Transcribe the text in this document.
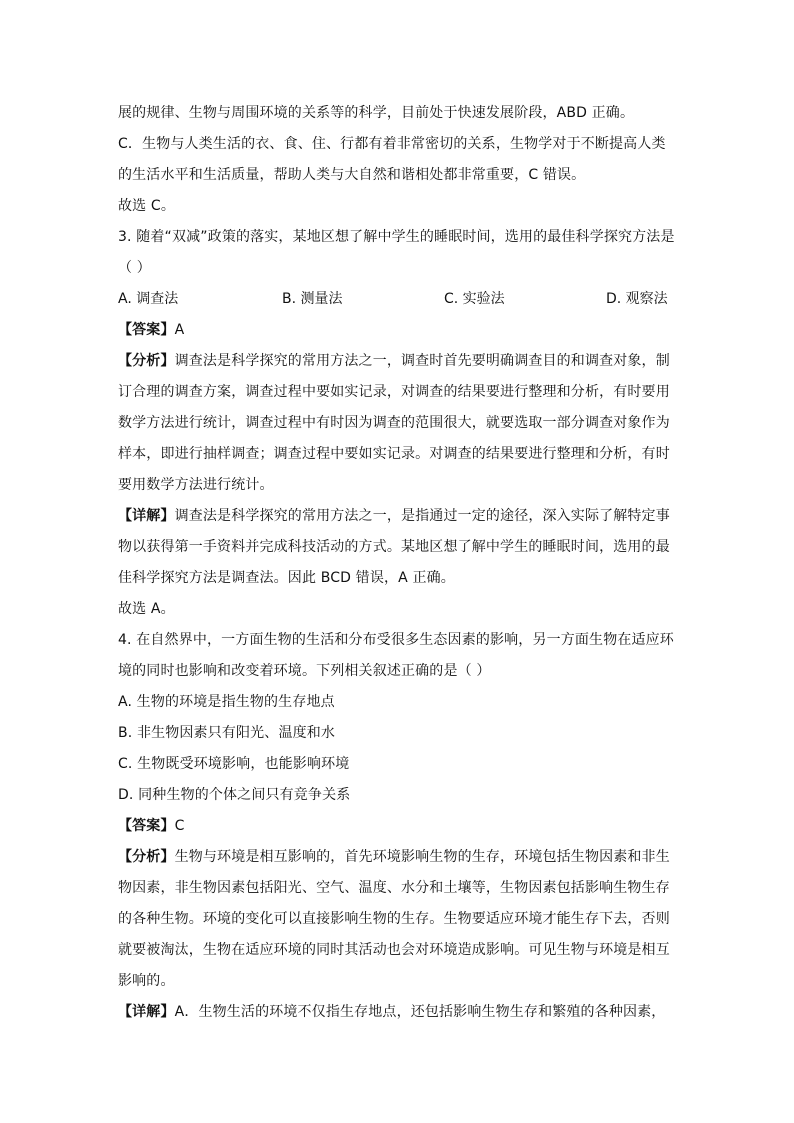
展的规律、生物与周围环境的关系等的科学，目前处于快速发展阶段，ABD 正确。
C．生物与人类生活的衣、食、住、行都有着非常密切的关系，生物学对于不断提高人类
的生活水平和生活质量，帮助人类与大自然和谐相处都非常重要，C 错误。
故选 C。
3. 随着“双减”政策的落实，某地区想了解中学生的睡眠时间，选用的最佳科学探究方法是
（ ）
A. 调查法	B. 测量法	C. 实验法	D. 观察法
【答案】A
【分析】调查法是科学探究的常用方法之一，调查时首先要明确调查目的和调查对象，制
订合理的调查方案，调查过程中要如实记录，对调查的结果要进行整理和分析，有时要用
数学方法进行统计，调查过程中有时因为调查的范围很大，就要选取一部分调查对象作为
样本，即进行抽样调查；调查过程中要如实记录。对调查的结果要进行整理和分析，有时
要用数学方法进行统计。
【详解】调查法是科学探究的常用方法之一，是指通过一定的途径，深入实际了解特定事
物以获得第一手资料并完成科技活动的方式。某地区想了解中学生的睡眠时间，选用的最
佳科学探究方法是调查法。因此 BCD 错误，A 正确。
故选 A。
4. 在自然界中，一方面生物的生活和分布受很多生态因素的影响，另一方面生物在适应环
境的同时也影响和改变着环境。下列相关叙述正确的是（ ）
A. 生物的环境是指生物的生存地点
B. 非生物因素只有阳光、温度和水
C. 生物既受环境影响，也能影响环境
D. 同种生物的个体之间只有竞争关系
【答案】C
【分析】生物与环境是相互影响的，首先环境影响生物的生存，环境包括生物因素和非生
物因素，非生物因素包括阳光、空气、温度、水分和土壤等，生物因素包括影响生物生存
的各种生物。环境的变化可以直接影响生物的生存。生物要适应环境才能生存下去，否则
就要被淘汰，生物在适应环境的同时其活动也会对环境造成影响。可见生物与环境是相互
影响的。
【详解】A．生物生活的环境不仅指生存地点，还包括影响生物生存和繁殖的各种因素，
